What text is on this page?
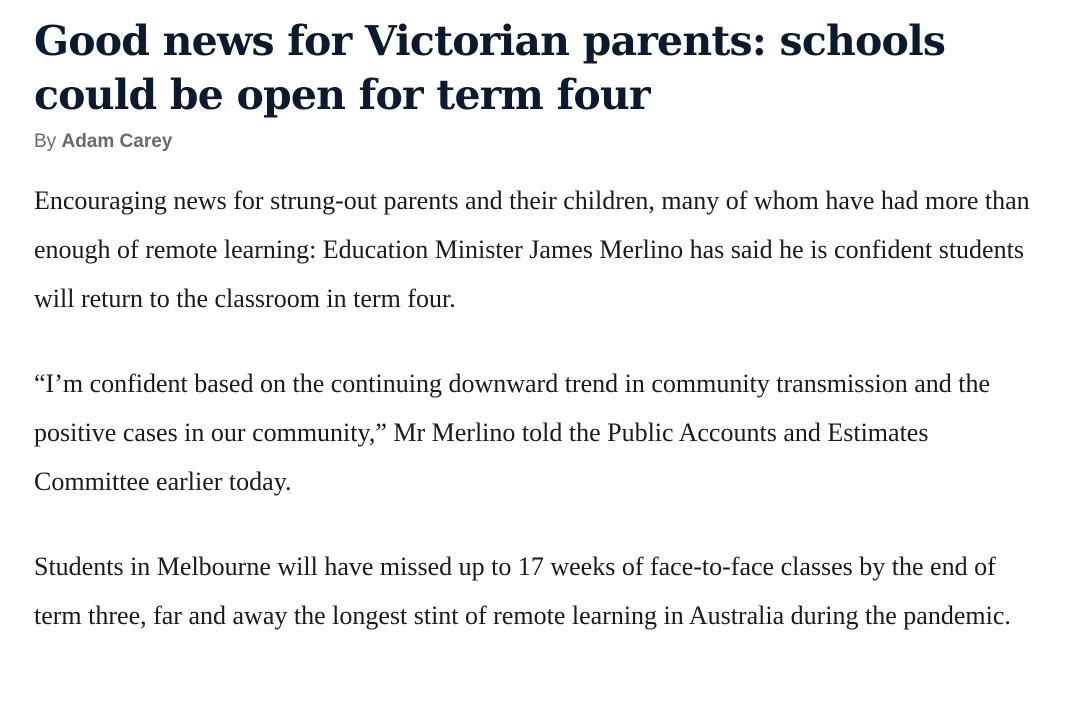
Good news for Victorian parents: schools could be open for term four
By Adam Carey

Encouraging news for strung-out parents and their children, many of whom have had more than enough of remote learning: Education Minister James Merlino has said he is confident students will return to the classroom in term four.

“I’m confident based on the continuing downward trend in community transmission and the positive cases in our community,” Mr Merlino told the Public Accounts and Estimates Committee earlier today.

Students in Melbourne will have missed up to 17 weeks of face-to-face classes by the end of term three, far and away the longest stint of remote learning in Australia during the pandemic.
